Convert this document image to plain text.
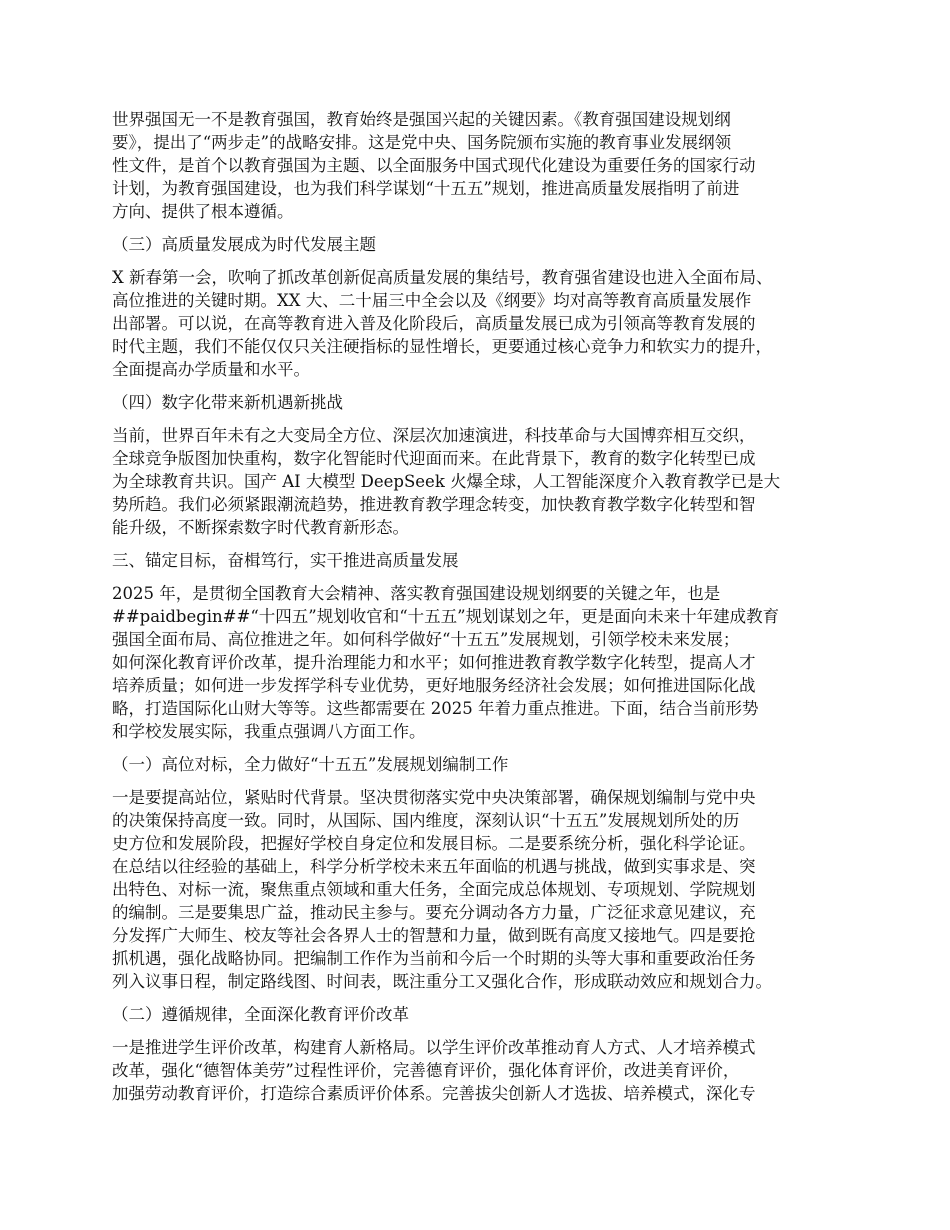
世界强国无一不是教育强国，教育始终是强国兴起的关键因素。《教育强国建设规划纲
要》，提出了“两步走”的战略安排。这是党中央、国务院颁布实施的教育事业发展纲领
性文件，是首个以教育强国为主题、以全面服务中国式现代化建设为重要任务的国家行动
计划，为教育强国建设，也为我们科学谋划“十五五”规划，推进高质量发展指明了前进
方向、提供了根本遵循。
（三）高质量发展成为时代发展主题
X 新春第一会，吹响了抓改革创新促高质量发展的集结号，教育强省建设也进入全面布局、
高位推进的关键时期。XX 大、二十届三中全会以及《纲要》均对高等教育高质量发展作
出部署。可以说，在高等教育进入普及化阶段后，高质量发展已成为引领高等教育发展的
时代主题，我们不能仅仅只关注硬指标的显性增长，更要通过核心竞争力和软实力的提升，
全面提高办学质量和水平。
（四）数字化带来新机遇新挑战
当前，世界百年未有之大变局全方位、深层次加速演进，科技革命与大国博弈相互交织，
全球竞争版图加快重构，数字化智能时代迎面而来。在此背景下，教育的数字化转型已成
为全球教育共识。国产 AI 大模型 DeepSeek 火爆全球，人工智能深度介入教育教学已是大
势所趋。我们必须紧跟潮流趋势，推进教育教学理念转变，加快教育教学数字化转型和智
能升级，不断探索数字时代教育新形态。
三、锚定目标，奋楫笃行，实干推进高质量发展
2025 年，是贯彻全国教育大会精神、落实教育强国建设规划纲要的关键之年，也是
##paidbegin##“十四五”规划收官和“十五五”规划谋划之年，更是面向未来十年建成教育
强国全面布局、高位推进之年。如何科学做好“十五五”发展规划，引领学校未来发展；
如何深化教育评价改革，提升治理能力和水平；如何推进教育教学数字化转型，提高人才
培养质量；如何进一步发挥学科专业优势，更好地服务经济社会发展；如何推进国际化战
略，打造国际化山财大等等。这些都需要在 2025 年着力重点推进。下面，结合当前形势
和学校发展实际，我重点强调八方面工作。
（一）高位对标，全力做好“十五五”发展规划编制工作
一是要提高站位，紧贴时代背景。坚决贯彻落实党中央决策部署，确保规划编制与党中央
的决策保持高度一致。同时，从国际、国内维度，深刻认识“十五五”发展规划所处的历
史方位和发展阶段，把握好学校自身定位和发展目标。二是要系统分析，强化科学论证。
在总结以往经验的基础上，科学分析学校未来五年面临的机遇与挑战，做到实事求是、突
出特色、对标一流，聚焦重点领域和重大任务，全面完成总体规划、专项规划、学院规划
的编制。三是要集思广益，推动民主参与。要充分调动各方力量，广泛征求意见建议，充
分发挥广大师生、校友等社会各界人士的智慧和力量，做到既有高度又接地气。四是要抢
抓机遇，强化战略协同。把编制工作作为当前和今后一个时期的头等大事和重要政治任务
列入议事日程，制定路线图、时间表，既注重分工又强化合作，形成联动效应和规划合力。
（二）遵循规律，全面深化教育评价改革
一是推进学生评价改革，构建育人新格局。以学生评价改革推动育人方式、人才培养模式
改革，强化“德智体美劳”过程性评价，完善德育评价，强化体育评价，改进美育评价，
加强劳动教育评价，打造综合素质评价体系。完善拔尖创新人才选拔、培养模式，深化专
